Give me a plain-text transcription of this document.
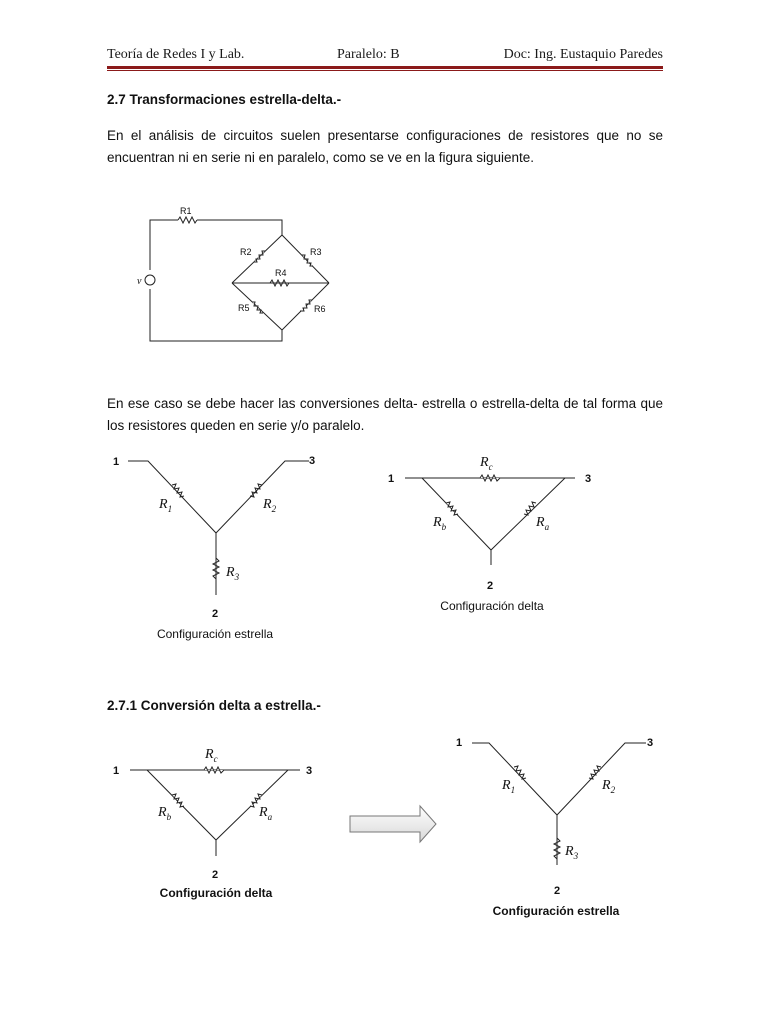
Teoría de Redes I y Lab.	Paralelo: B	Doc: Ing. Eustaquio Paredes
2.7 Transformaciones estrella-delta.-
En el análisis de circuitos suelen presentarse configuraciones de resistores que no se encuentran ni en serie ni en paralelo, como se ve en la figura siguiente.
En ese caso se debe hacer las conversiones delta- estrella o estrella-delta de tal forma que los resistores queden en serie y/o paralelo.
2.7.1 Conversión delta a estrella.-
v
R1
R2	R3
R4
R5	R6
1	3
2
$R_1$	$R_2$
$R_3$
Configuración estrella
1	3
2
$R_c$
$R_b$	$R_a$
Configuración delta
1	3
2
$R_c$
$R_b$	$R_a$
Configuración delta
1	3
2
$R_1$	$R_2$
$R_3$
Configuración estrella
